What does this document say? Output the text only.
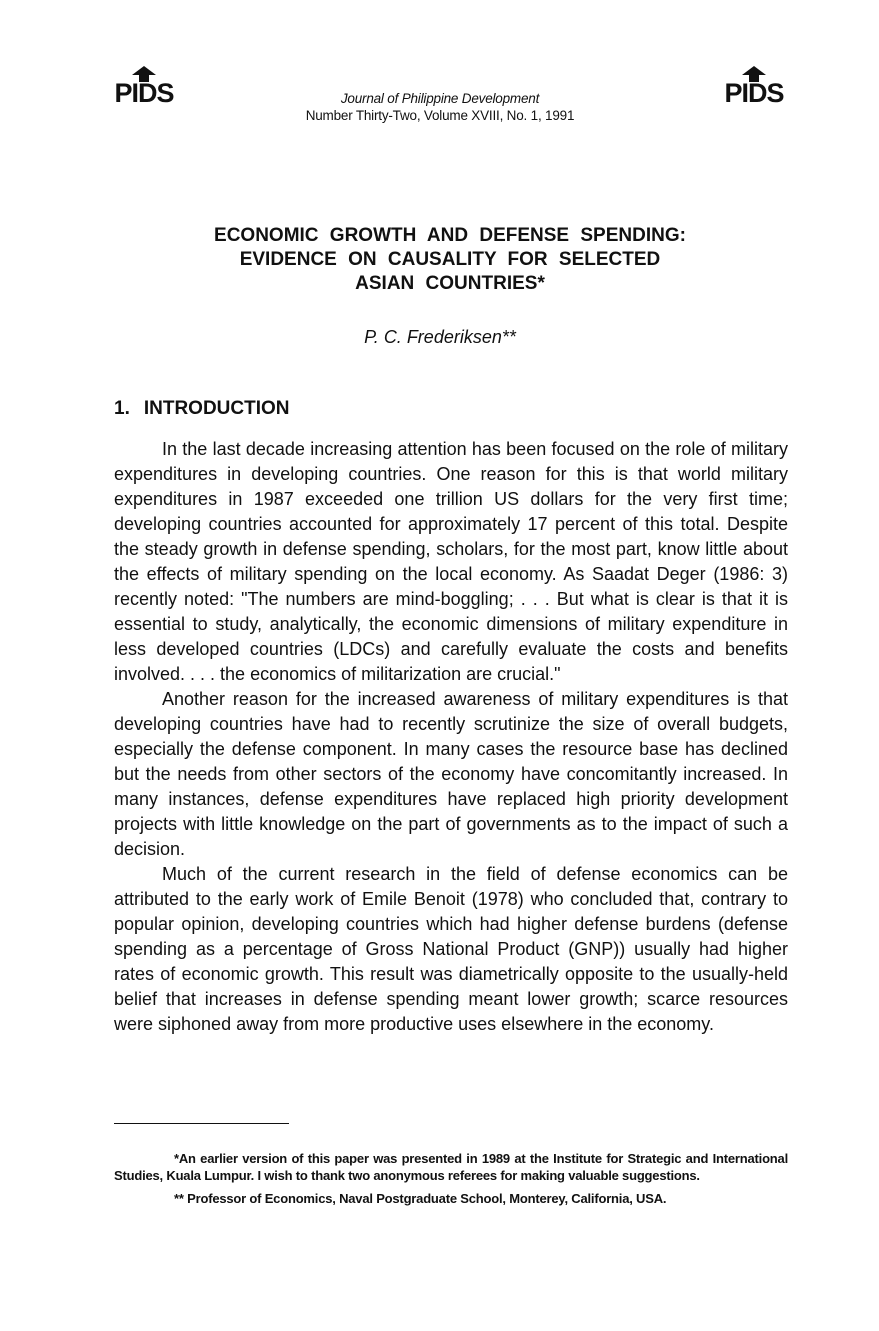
PIDS	Journal of Philippine Development
Number Thirty-Two, Volume XVIII, No. 1, 1991
PIDS
ECONOMIC GROWTH AND DEFENSE SPENDING:
EVIDENCE ON CAUSALITY FOR SELECTED
ASIAN COUNTRIES*
P. C. Frederiksen**
1. INTRODUCTION

In the last decade increasing attention has been focused on the role of military expenditures in developing countries. One reason for this is that world military expenditures in 1987 exceeded one trillion US dollars for the very first time; developing countries accounted for approximately 17 percent of this total. Despite the steady growth in defense spending, scholars, for the most part, know little about the effects of military spending on the local economy. As Saadat Deger (1986: 3) recently noted: "The numbers are mind-boggling; . . . But what is clear is that it is essential to study, analytically, the economic dimensions of military expenditure in less developed countries (LDCs) and carefully evaluate the costs and benefits involved. . . . the economics of militarization are crucial."

Another reason for the increased awareness of military expenditures is that developing countries have had to recently scrutinize the size of overall budgets, especially the defense component. In many cases the resource base has declined but the needs from other sectors of the economy have concomitantly increased. In many instances, defense expenditures have replaced high priority development projects with little knowledge on the part of governments as to the impact of such a decision.

Much of the current research in the field of defense economics can be attributed to the early work of Emile Benoit (1978) who concluded that, contrary to popular opinion, developing countries which had higher defense burdens (defense spending as a percentage of Gross National Product (GNP)) usually had higher rates of economic growth. This result was diametrically opposite to the usually-held belief that increases in defense spending meant lower growth; scarce resources were siphoned away from more productive uses elsewhere in the economy.

*An earlier version of this paper was presented in 1989 at the Institute for Strategic and International Studies, Kuala Lumpur. I wish to thank two anonymous referees for making valuable suggestions.

** Professor of Economics, Naval Postgraduate School, Monterey, California, USA.
